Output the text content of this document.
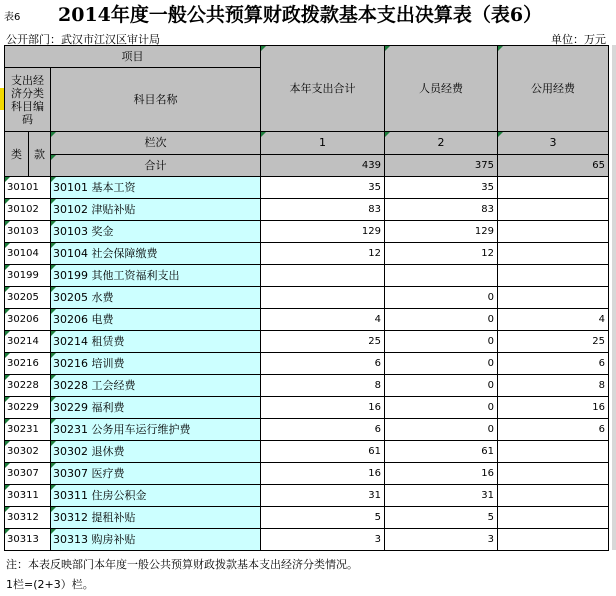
表6 2014年度一般公共预算财政拨款基本支出决算表（表6）
公开部门：武汉市江汉区审计局	单位：万元
项目			本年支出合计	人员经费	公用经费

支出经济分类科目编码		科目名称			

类	款	栏次	1	2	3
		合计	439	375	65
30101		30101 基本工资	35	35	
30102		30102 津贴补贴	83	83	
30103		30103 奖金	129	129	
30104		30104 社会保障缴费	12	12	
30199		30199 其他工资福利支出			
30205		30205 水费		0	
30206		30206 电费	4	0	4
30214		30214 租赁费	25	0	25
30216		30216 培训费	6	0	6
30228		30228 工会经费	8	0	8
30229		30229 福利费	16	0	16
30231		30231 公务用车运行维护费	6	0	6
30302		30302 退休费	61	61	
30307		30307 医疗费	16	16	
30311		30311 住房公积金	31	31	
30312		30312 提租补贴	5	5	
30313		30313 购房补贴	3	3	
注：本表反映部门本年度一般公共预算财政拨款基本支出经济分类情况。
1栏=(2+3）栏。
